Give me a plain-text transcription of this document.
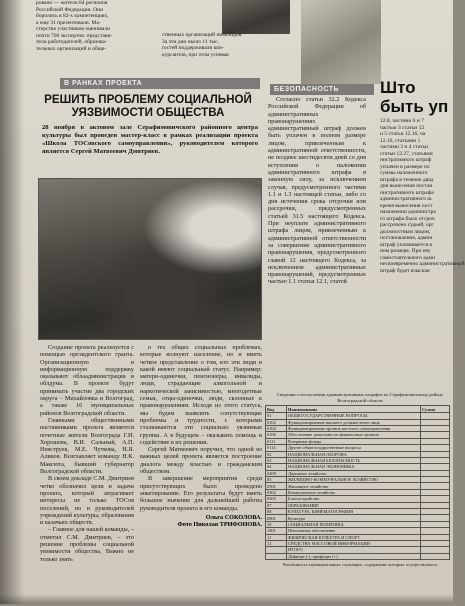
ровано — жители 84 регионов

Российской Федерации. Они

боролись в 82-х компетенциях,

а еще 31 презентовали. Ма-

стерство участников оценивали

почти 700 экспертов: представи-

тели работодателей, образова-

тельных организаций и обще-

ственных организаций инвалидов.

За эти дни около 11 тыс.

гостей поддерживали кон-

курсантов, при этом успевая

В РАНКАХ ПРОЕКТА
БЕЗОПАСНОСТЬ
РЕШИТЬ ПРОБЛЕМУ СОЦИАЛЬНОЙ УЯЗВИМОСТИ ОБЩЕСТВА
28 ноября в актовом зале Серафимовичского районного центра культуры был проведен мастер-класс в рамках реализации проекта «Школа ТОСовского самоуправления», руководителем которого является Сергей Матвеевич Дмитриев.

Создание проекта реализуется с помощью президентского гранта. Организационную и информационную поддержку оказывают облаадминистрация и облдума. В проекте будут принимать участие два городских округа – Михайловка и Волгоград, а также 16 муниципальных районов Волгоградской области.

Главными общественными наставниками проекта являются почетные жители Волгограда Г.И. Хорошева, В.И. Сальный, А.П. Невструев, М.Е. Чуткова, Н.Я. Аликов. Возглавляет команду Н.К. Максюта, бывший губернатор Волгоградской области.

В своем докладе С.М. Дмитриев четко обозначил цели и задачи проекта, который затрагивает интересы не только ТОСов поселений, но и руководителей учреждений культуры, образования и казачьих обществ.

– Главное для нашей команды, – отметил С.М. Дмитриев, – это решение проблемы социальной уязвимости общества. Важно не только знать

о тех общих социальных проблемах, которые волнуют население, но и иметь четкое представление о том, кто эти люди и какой имеют социальный статус. Например: матери-одиночки, пенсионеры, инвалиды, люди, страдающие алкогольной и наркотической зависимостью, многодетные семьи, отцы-одиночки, люди, склонные к правонарушениям. Исходя из этого статуса, мы будем выявлять сопутствующие проблемы и трудности, с которыми сталкиваются эти социально уязвимые группы. А в будущем – оказывать помощь и содействие в их решении.

Сергей Матвеевич поручил, что одной из важных целей проекта является построение диалога между властью и гражданским обществом.

В завершение мероприятия среди присутствующих было проведено анкетирование. Его результаты будут иметь большое значение для дальнейшей работы руководителя проекта и его команды.

Ольга СОКОЛОВА.
Фото Николая ТРИФОНОВА.

Согласно статьи 32.2 Кодекса Российской Федерации об административных правонарушениях административный штраф должен быть уплачен в полном размере лицом, привлеченным к административной ответственности, не позднее шестидесяти дней со дня вступления о наложении административного штрафа в законную силу, за исключением случая, предусмотренного частями 1.1 и 1.3 настоящей статьи, либо со дня истечения срока отсрочки или рассрочки, предусмотренных статьей 31.5 настоящего Кодекса. При неуплате административного штрафа лицом, привлеченным к административной ответственности за совершение административного правонарушения, предусмотренного главой 12 настоящего Кодекса, за исключением административных правонарушений, предусмотренных частью 1.1 статьи 12.1, статей

Што
быть уп

12.8, частями 6 и 7

частью 3 статьи 12

и 5 статьи 12.16, ча

12.16, статьями 1

частями 3 и 4 статьи

статьи 12.27, статьями

нистративного штраф

уплачен в размере по

суммы наложенного

штрафа в течение двад

дня вынесения постан

нистративного штрафа

административного ш

кремя вынесения пост

назначении администра

го штрафа было отсроч

рассрочено судьей, орг

должностным лицом,

постановление, админ

штраф уплачивается в

ном размере. При неу

самостоятельного адми

несвоевременно административный

штраф будет взыскан

Сведения о поступлении административных штрафов по Серафимовичскому району Волгоградской области

Код	Наименование	Сумма
01	ОБЩЕГОСУДАРСТВЕННЫЕ ВОПРОСЫ	
0102	Функционирование высшего должностного лица	
0104	Функционирование органов местного самоуправления	
0106	Обеспечение деятельности финансовых органов	
0111	Резервные фонды	
0113	Другие общегосударственные вопросы	
02	НАЦИОНАЛЬНАЯ ОБОРОНА	
03	НАЦИОНАЛЬНАЯ БЕЗОПАСНОСТЬ	
04	НАЦИОНАЛЬНАЯ ЭКОНОМИКА	
0409	Дорожное хозяйство	
05	ЖИЛИЩНО-КОММУНАЛЬНОЕ ХОЗЯЙСТВО	
0501	Жилищное хозяйство	
0502	Коммунальное хозяйство	
0503	Благоустройство	
07	ОБРАЗОВАНИЕ	
08	КУЛЬТУРА, КИНЕМАТОГРАФИЯ	
0801	Культура	
10	СОЦИАЛЬНАЯ ПОЛИТИКА	
1001	Пенсионное обеспечение	
11	ФИЗИЧЕСКАЯ КУЛЬТУРА И СПОРТ	
12	СРЕДСТВА МАССОВОЙ ИНФОРМАЦИИ	
	ИТОГО	
	Дефицит (-), профицит (+)	

Численность муниципальных служащих, содержание которых осуществлялось
